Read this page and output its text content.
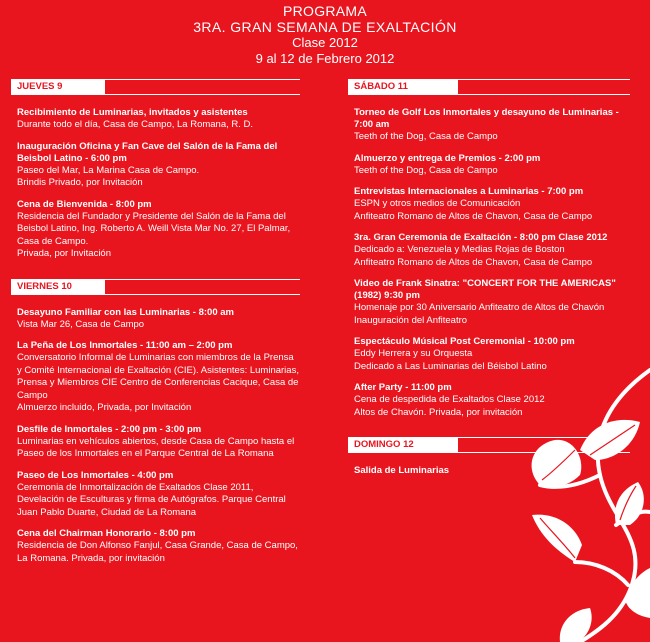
PROGRAMA
3RA. GRAN SEMANA DE EXALTACIÓN
Clase 2012
9 al 12 de Febrero 2012
JUEVES 9
Recibimiento de Luminarias, invitados y asistentes
Durante todo el día, Casa de Campo, La Romana, R. D.
Inauguración Oficina y Fan Cave del Salón de la Fama del Beisbol Latino - 6:00 pm
Paseo del Mar, La Marina Casa de Campo.
Brindis Privado, por Invitación
Cena de Bienvenida - 8:00 pm
Residencia del Fundador y Presidente del Salón de la Fama del Beisbol Latino, Ing. Roberto A. Weill Vista Mar No. 27, El Palmar, Casa de Campo.
Privada, por Invitación
VIERNES 10
Desayuno Familiar con las Luminarias - 8:00 am
Vista Mar 26, Casa de Campo
La Peña de Los Inmortales - 11:00 am – 2:00 pm
Conversatorio Informal de Luminarias con miembros de la Prensa y Comité Internacional de Exaltación (CIE). Asistentes: Luminarias, Prensa y Miembros CIE Centro de Conferencias Cacique, Casa de Campo
Almuerzo incluido, Privada, por Invitación
Desfile de Inmortales - 2:00 pm - 3:00 pm
Luminarias en vehículos abiertos, desde Casa de Campo hasta el Paseo de los Inmortales en el Parque Central de La Romana
Paseo de Los Inmortales - 4:00 pm
Ceremonia de Inmortalización de Exaltados Clase 2011, Develación de Esculturas y firma de Autógrafos. Parque Central Juan Pablo Duarte, Ciudad de La Romana
Cena del Chairman Honorario - 8:00 pm
Residencia de Don Alfonso Fanjul, Casa Grande, Casa de Campo, La Romana. Privada, por invitación
SÁBADO 11
Torneo de Golf Los Inmortales y desayuno de Luminarias - 7:00 am
Teeth of the Dog, Casa de Campo
Almuerzo y entrega de Premios - 2:00 pm
Teeth of the Dog, Casa de Campo
Entrevistas Internacionales a Luminarias - 7:00 pm
ESPN y otros medios de Comunicación
Anfiteatro Romano de Altos de Chavon, Casa de Campo
3ra. Gran Ceremonia de Exaltación - 8:00 pm Clase 2012
Dedicado a: Venezuela y Medias Rojas de Boston
Anfiteatro Romano de Altos de Chavon, Casa de Campo
Video de Frank Sinatra: "CONCERT FOR THE AMERICAS" (1982) 9:30 pm
Homenaje por 30 Aniversario Anfiteatro de Altos de Chavón Inauguración del Anfiteatro
Espectáculo Músical Post Ceremonial - 10:00 pm
Eddy Herrera y su Orquesta
Dedicado a Las Luminarias del Béisbol Latino
After Party - 11:00 pm
Cena de despedida de Exaltados Clase 2012
Altos de Chavón. Privada, por invitación
DOMINGO 12
Salida de Luminarias
